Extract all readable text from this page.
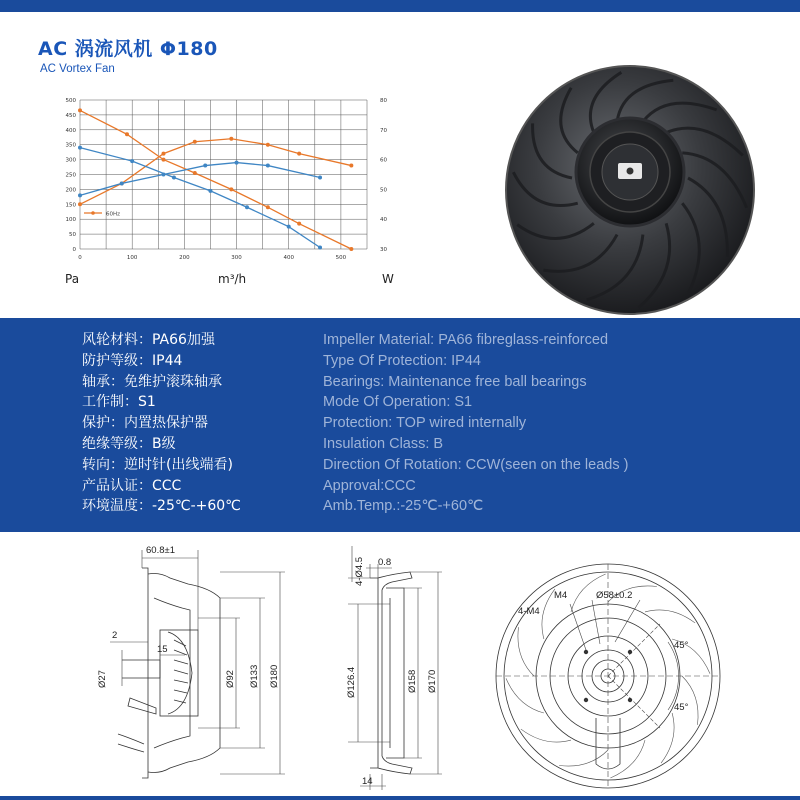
AC 涡流风机 Φ180
AC Vortex Fan
0
50
100
150
200
250
300
350
400
450
500
0	100	200	300	400	500
30
40
50
60
70
80
60Hz
Pa	m³/h	W
风轮材料：PA66加强	Impeller Material: PA66 fibreglass-reinforced
防护等级：IP44	Type Of Protection: IP44
轴承：免维护滚珠轴承	Bearings: Maintenance free ball bearings
工作制：S1	Mode Of Operation: S1
保护：内置热保护器	Protection: TOP wired internally
绝缘等级：B级	Insulation Class: B
转向：逆时针(出线端看)	Direction Of Rotation: CCW(seen on the leads )
产品认证：CCC	Approval:CCC
环境温度：-25℃-+60℃	Amb.Temp.:-25℃-+60℃
60.8±1
2
15
Ø27	Ø92 Ø133 Ø180
4-Ø4.5 0.8
Ø126.4	Ø158 Ø170
14
M4
4-M4
Ø58±0.2
45°
45°
